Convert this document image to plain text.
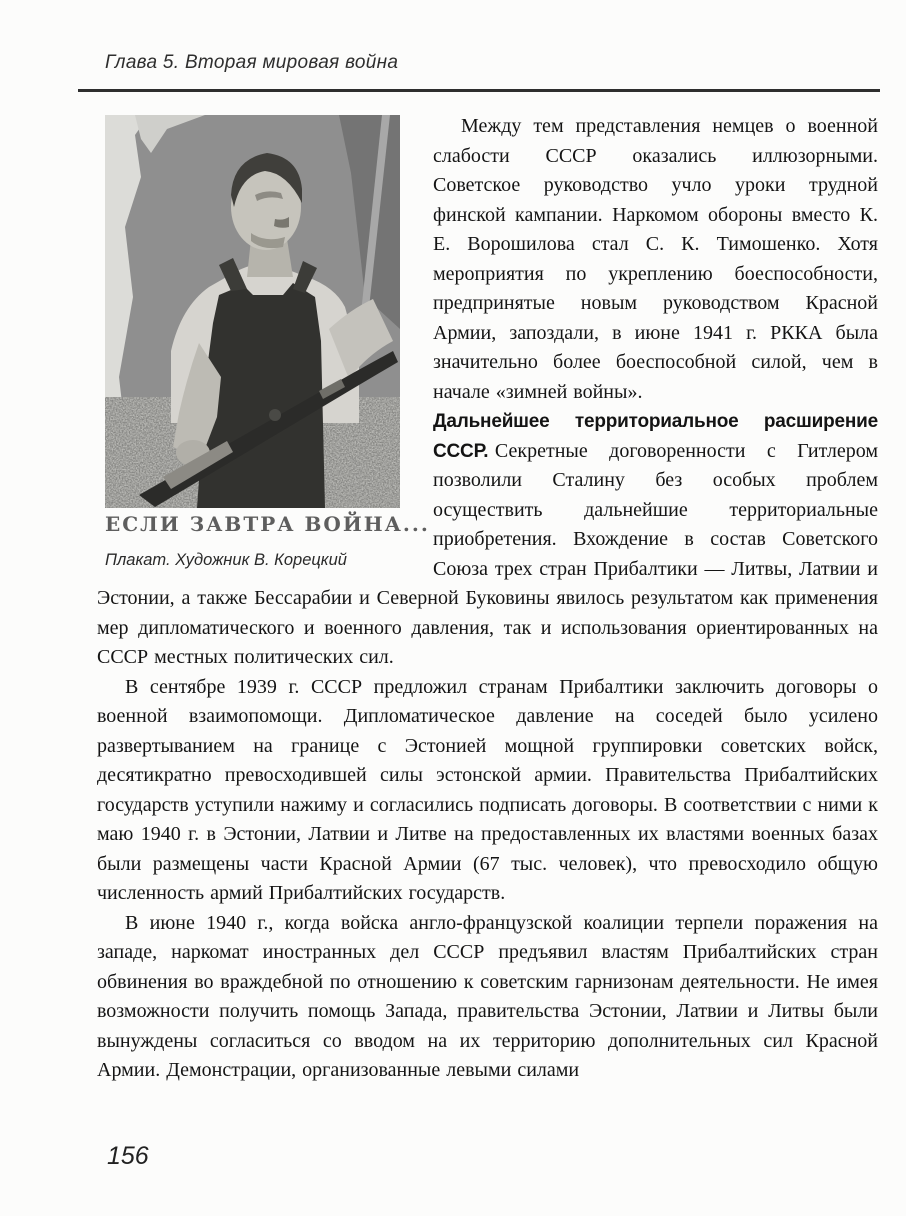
Глава 5. Вторая мировая война
ЕСЛИ ЗАВТРА ВОЙНА...
Плакат. Художник В. Корецкий

Между тем представления немцев о военной слабости СССР оказались иллюзорными. Советское руководство учло уроки трудной финской кампании. Наркомом обороны вместо К. Е. Ворошилова стал С. К. Тимошенко. Хотя мероприятия по укреплению боеспособности, предпринятые новым руководством Красной Армии, запоздали, в июне 1941 г. РККА была значительно более боеспособной силой, чем в начале «зимней войны».

Дальнейшее территориальное расширение СССР. Секретные договоренности с Гитлером позволили Сталину без особых проблем осуществить дальнейшие территориальные приобретения. Вхождение в состав Советского Союза трех стран Прибалтики — Литвы, Латвии и Эстонии, а также Бессарабии и Северной Буковины явилось результатом как применения мер дипломатического и военного давления, так и использования ориентированных на СССР местных политических сил.

В сентябре 1939 г. СССР предложил странам Прибалтики заключить договоры о военной взаимопомощи. Дипломатическое давление на соседей было усилено развертыванием на границе с Эстонией мощной группировки советских войск, десятикратно превосходившей силы эстонской армии. Правительства Прибалтийских государств уступили нажиму и согласились подписать договоры. В соответствии с ними к маю 1940 г. в Эстонии, Латвии и Литве на предоставленных их властями военных базах были размещены части Красной Армии (67 тыс. человек), что превосходило общую численность армий Прибалтийских государств.

В июне 1940 г., когда войска англо-французской коалиции терпели поражения на западе, наркомат иностранных дел СССР предъявил властям Прибалтийских стран обвинения во враждебной по отношению к советским гарнизонам деятельности. Не имея возможности получить помощь Запада, правительства Эстонии, Латвии и Литвы были вынуждены согласиться со вводом на их территорию дополнительных сил Красной Армии. Демонстрации, организованные левыми силами

156
